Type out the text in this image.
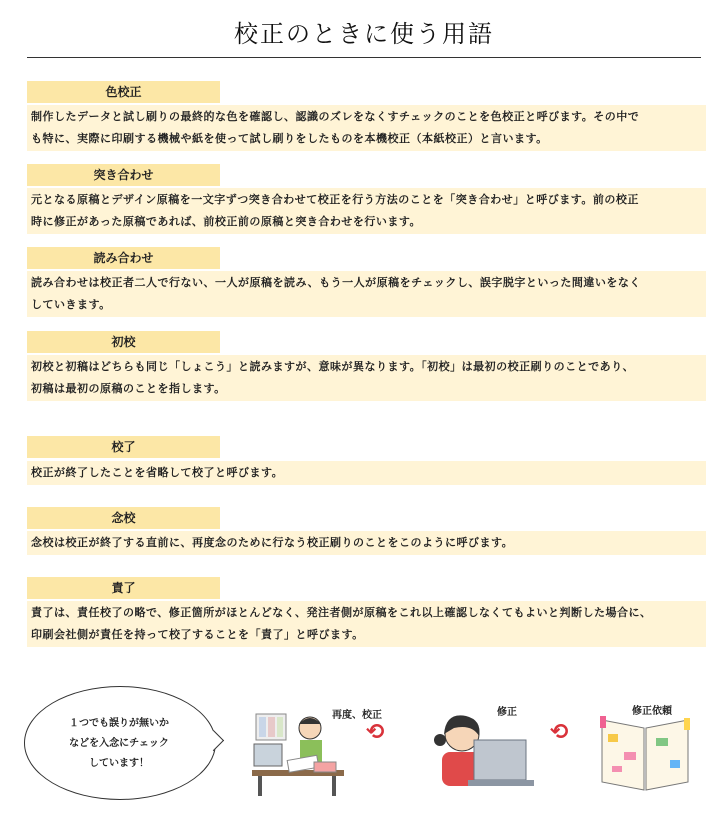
校正のときに使う用語
色校正
制作したデータと試し刷りの最終的な色を確認し、認識のズレをなくすチェックのことを色校正と呼びます。その中で
も特に、実際に印刷する機械や紙を使って試し刷りをしたものを本機校正（本紙校正）と言います。
突き合わせ
元となる原稿とデザイン原稿を一文字ずつ突き合わせて校正を行う方法のことを「突き合わせ」と呼びます。前の校正
時に修正があった原稿であれば、前校正前の原稿と突き合わせを行います。
読み合わせ
読み合わせは校正者二人で行ない、一人が原稿を読み、もう一人が原稿をチェックし、誤字脱字といった間違いをなく
していきます。
初校
初校と初稿はどちらも同じ「しょこう」と読みますが、意味が異なります。「初校」は最初の校正刷りのことであり、
初稿は最初の原稿のことを指します。
校了
校正が終了したことを省略して校了と呼びます。
念校
念校は校正が終了する直前に、再度念のために行なう校正刷りのことをこのように呼びます。
責了
責了は、責任校了の略で、修正箇所がほとんどなく、発注者側が原稿をこれ以上確認しなくてもよいと判断した場合に、
印刷会社側が責任を持って校了することを「責了」と呼びます。
１つでも誤りが無いか
などを入念にチェック
しています！
再度、校正
⟲
修正
⟲
修正依頼
